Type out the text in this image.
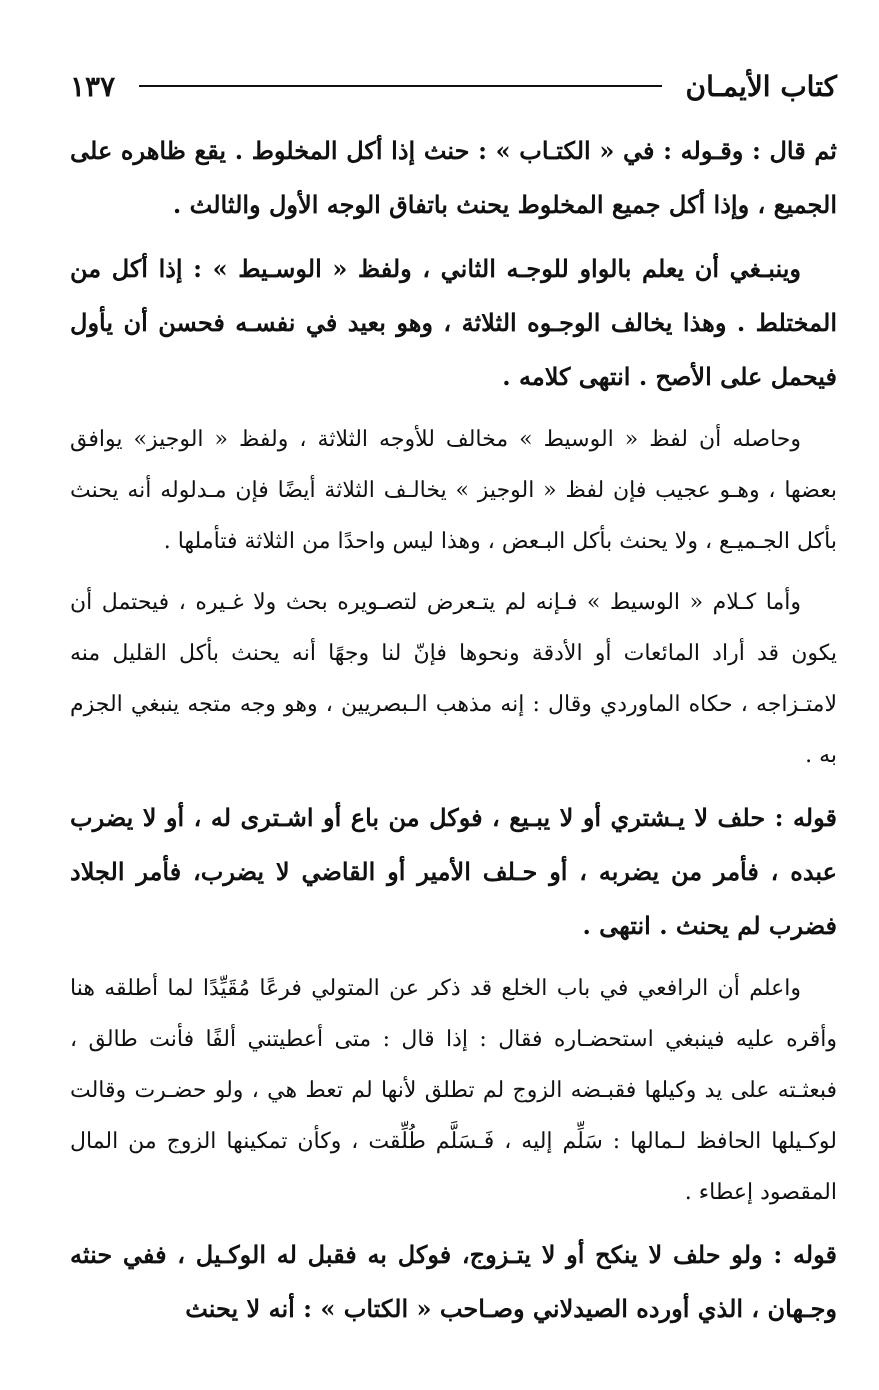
كتاب الأيمـان
١٣٧

ثم قال : وقـوله : في « الكتـاب » : حنث إذا أكل المخلوط . يقع ظاهره على الجميع ، وإذا أكل جميع المخلوط يحنث باتفاق الوجه الأول والثالث .

وينبـغي أن يعلم بالواو للوجـه الثاني ، ولفظ « الوسـيط » : إذا أكل من المختلط . وهذا يخالف الوجـوه الثلاثة ، وهو بعيد في نفسـه فحسن أن يأول فيحمل على الأصح . انتهى كلامه .

وحاصله أن لفظ « الوسيط » مخالف للأوجه الثلاثة ، ولفظ « الوجيز» يوافق بعضها ، وهـو عجيب فإن لفظ « الوجيز » يخالـف الثلاثة أيضًا فإن مـدلوله أنه يحنث بأكل الجـميـع ، ولا يحنث بأكل البـعض ، وهذا ليس واحدًا من الثلاثة فتأملها .

وأما كـلام « الوسيط » فـإنه لم يتـعرض لتصـويره بحث ولا غـيره ، فيحتمل أن يكون قد أراد المائعات أو الأدقة ونحوها فإنّ لنا وجهًا أنه يحنث بأكل القليل منه لامتـزاجه ، حكاه الماوردي وقال : إنه مذهب الـبصريين ، وهو وجه متجه ينبغي الجزم به .

قوله : حلف لا يـشتري أو لا يبـيع ، فوكل من باع أو اشـترى له ، أو لا يضرب عبده ، فأمر من يضربه ، أو حـلف الأمير أو القاضي لا يضرب، فأمر الجلاد فضرب لم يحنث . انتهى .

واعلم أن الرافعي في باب الخلع قد ذكر عن المتولي فرعًا مُقَيِّدًا لما أطلقه هنا وأقره عليه فينبغي استحضـاره فقال : إذا قال : متى أعطيتني ألفًا فأنت طالق ، فبعثـته على يد وكيلها فقبـضه الزوج لم تطلق لأنها لم تعط هي ، ولو حضـرت وقالت لوكـيلها الحافظ لـمالها : سَلِّم إليه ، فَـسَلَّم طُلِّقت ، وكأن تمكينها الزوج من المال المقصود إعطاء .

قوله : ولو حلف لا ينكح أو لا يتـزوج، فوكل به فقبل له الوكـيل ، ففي حنثه وجـهان ، الذي أورده الصيدلاني وصـاحب « الكتاب » : أنه لا يحنث
